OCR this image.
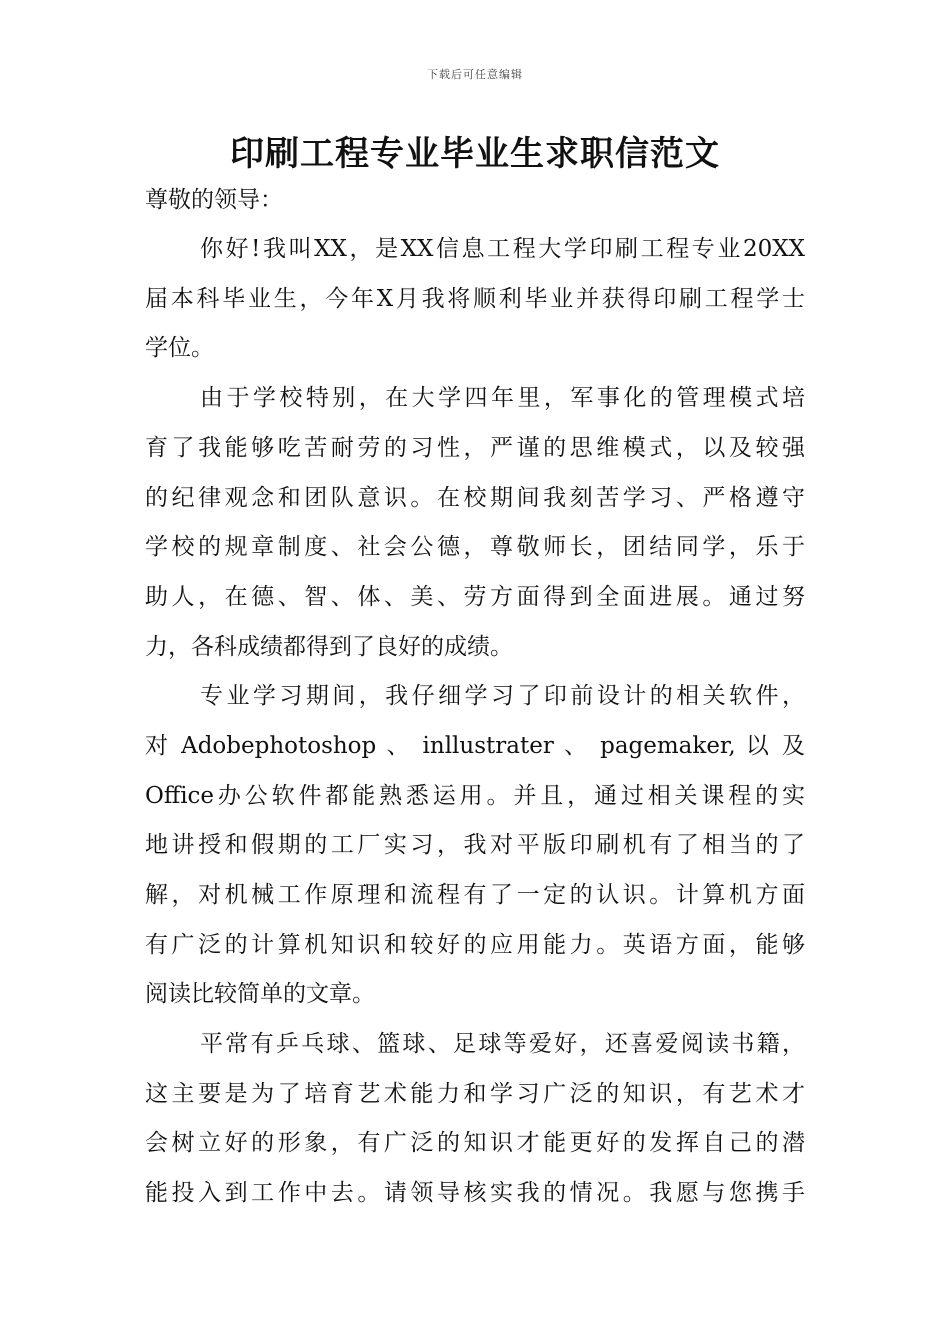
下载后可任意编辑
印刷工程专业毕业生求职信范文

尊敬的领导：

你好!我叫XX，是XX信息工程大学印刷工程专业20XX

届本科毕业生，今年X月我将顺利毕业并获得印刷工程学士

学位。

由于学校特别，在大学四年里，军事化的管理模式培

育了我能够吃苦耐劳的习性，严谨的思维模式，以及较强

的纪律观念和团队意识。在校期间我刻苦学习、严格遵守

学校的规章制度、社会公德，尊敬师长，团结同学，乐于

助人，在德、智、体、美、劳方面得到全面进展。通过努

力，各科成绩都得到了良好的成绩。

专业学习期间，我仔细学习了印前设计的相关软件，

对 Adobephotoshop 、 inllustrater 、 pagemaker, 以 及

Office办公软件都能熟悉运用。并且，通过相关课程的实

地讲授和假期的工厂实习，我对平版印刷机有了相当的了

解，对机械工作原理和流程有了一定的认识。计算机方面

有广泛的计算机知识和较好的应用能力。英语方面，能够

阅读比较简单的文章。

平常有乒乓球、篮球、足球等爱好，还喜爱阅读书籍，

这主要是为了培育艺术能力和学习广泛的知识，有艺术才

会树立好的形象，有广泛的知识才能更好的发挥自己的潜

能投入到工作中去。请领导核实我的情况。我愿与您携手
